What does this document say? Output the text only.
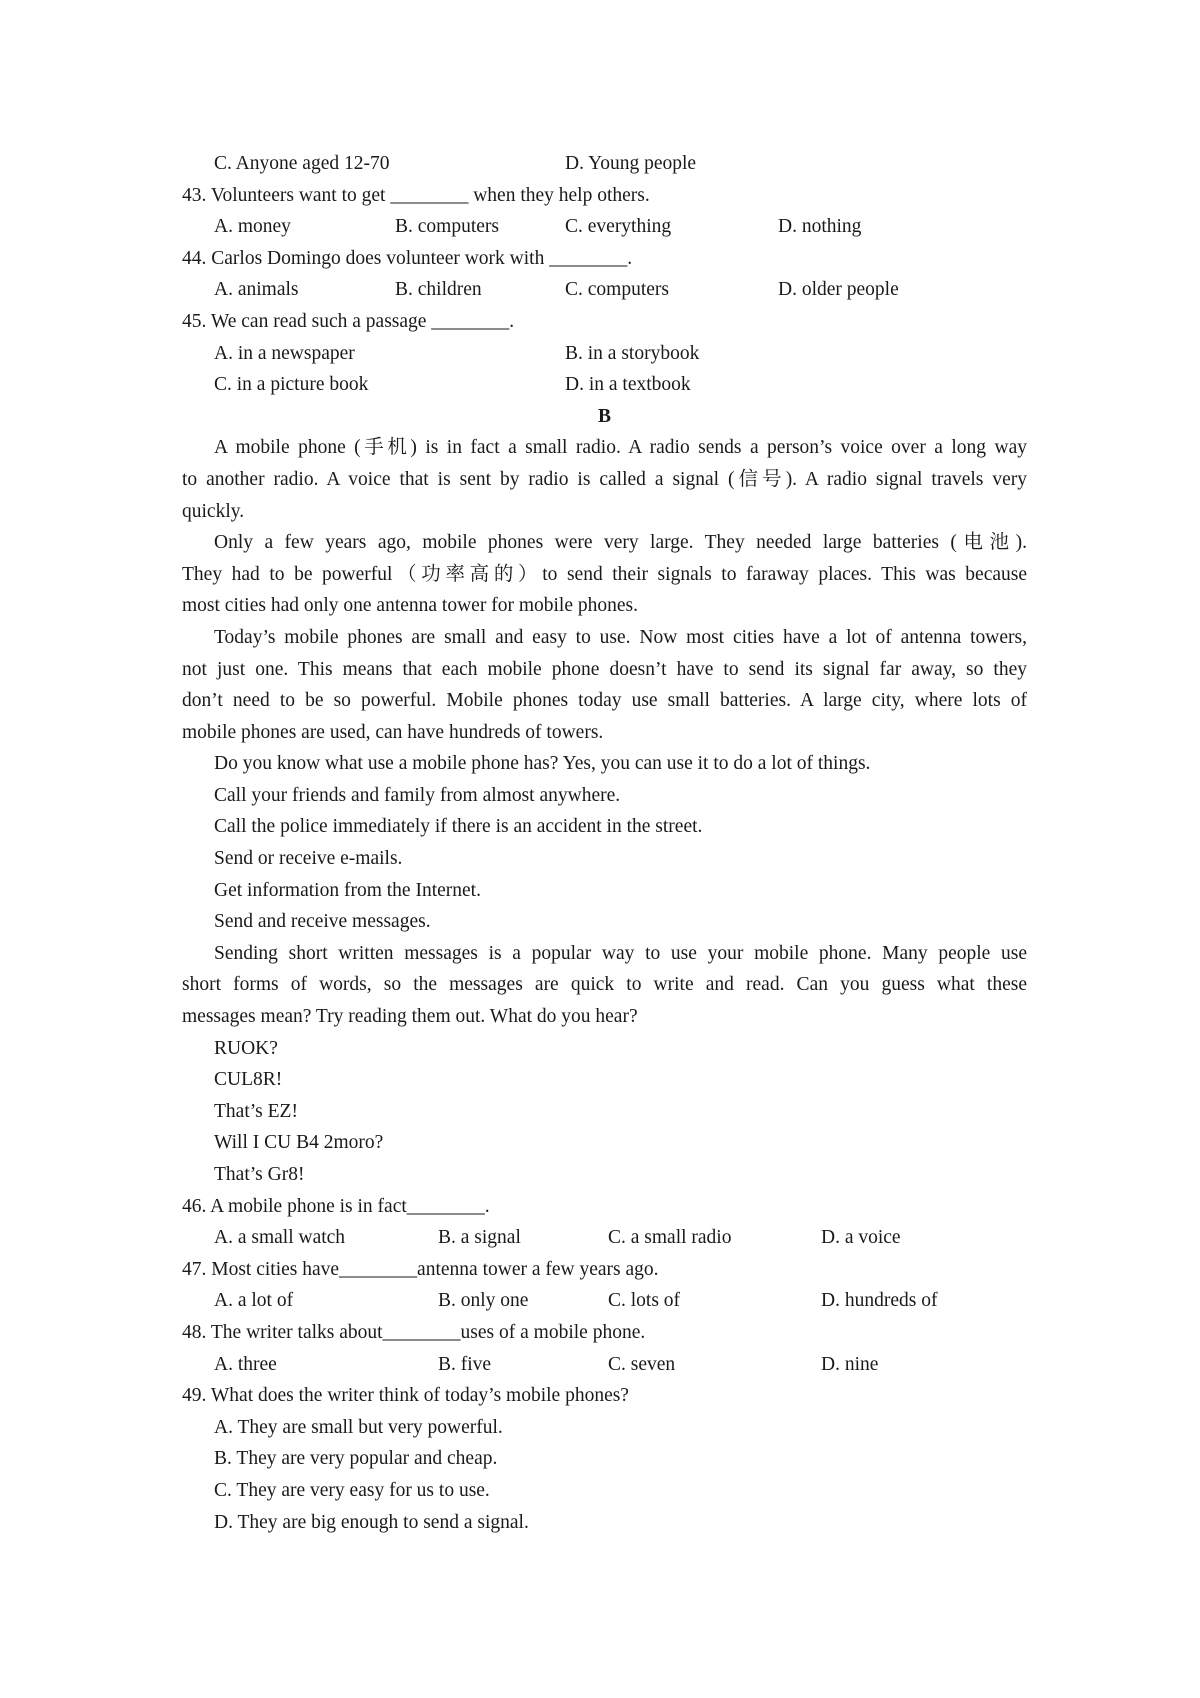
C. Anyone aged 12-70	D. Young people
43. Volunteers want to get ________ when they help others.
A. money	B. computers	C. everything	D. nothing
44. Carlos Domingo does volunteer work with ________.
A. animals	B. children	C. computers	D. older people
45. We can read such a passage ________.
A. in a newspaper	B. in a storybook
C. in a picture book	D. in a textbook
B
A mobile phone (手机) is in fact a small radio. A radio sends a person’s voice over a long way
to another radio. A voice that is sent by radio is called a signal (信号). A radio signal travels very
quickly.
Only a few years ago, mobile phones were very large. They needed large batteries (电池).
They had to be powerful（功率高的）to send their signals to faraway places. This was because
most cities had only one antenna tower for mobile phones.
Today’s mobile phones are small and easy to use. Now most cities have a lot of antenna towers,
not just one. This means that each mobile phone doesn’t have to send its signal far away, so they
don’t need to be so powerful. Mobile phones today use small batteries. A large city, where lots of
mobile phones are used, can have hundreds of towers.
Do you know what use a mobile phone has? Yes, you can use it to do a lot of things.
Call your friends and family from almost anywhere.
Call the police immediately if there is an accident in the street.
Send or receive e-mails.
Get information from the Internet.
Send and receive messages.
Sending short written messages is a popular way to use your mobile phone. Many people use
short forms of words, so the messages are quick to write and read. Can you guess what these
messages mean? Try reading them out. What do you hear?
RUOK?
CUL8R!
That’s EZ!
Will I CU B4 2moro?
That’s Gr8!
46. A mobile phone is in fact________.
A. a small watch	B. a signal	C. a small radio	D. a voice
47. Most cities have________antenna tower a few years ago.
A. a lot of	B. only one	C. lots of	D. hundreds of
48. The writer talks about________uses of a mobile phone.
A. three	B. five	C. seven	D. nine
49. What does the writer think of today’s mobile phones?
A. They are small but very powerful.
B. They are very popular and cheap.
C. They are very easy for us to use.
D. They are big enough to send a signal.
